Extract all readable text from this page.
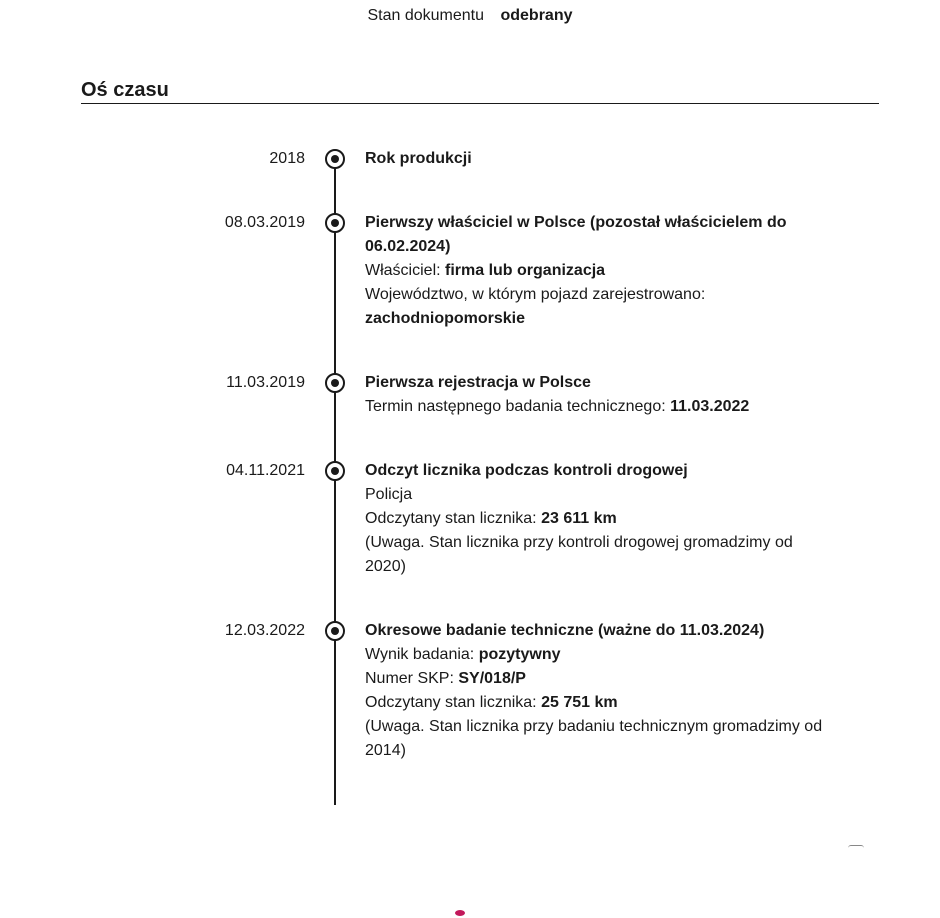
Stan dokumentu odebrany
Oś czasu
2018	Rok produkcji
08.03.2019	Pierwszy właściciel w Polsce (pozostał właścicielem do 06.02.2024)
Właściciel: firma lub organizacja
Województwo, w którym pojazd zarejestrowano: zachodniopomorskie
11.03.2019	Pierwsza rejestracja w Polsce
Termin następnego badania technicznego: 11.03.2022
04.11.2021	Odczyt licznika podczas kontroli drogowej
Policja
Odczytany stan licznika: 23 611 km
(Uwaga. Stan licznika przy kontroli drogowej gromadzimy od 2020)
12.03.2022	Okresowe badanie techniczne (ważne do 11.03.2024)
Wynik badania: pozytywny
Numer SKP: SY/018/P
Odczytany stan licznika: 25 751 km
(Uwaga. Stan licznika przy badaniu technicznym gromadzimy od 2014)
